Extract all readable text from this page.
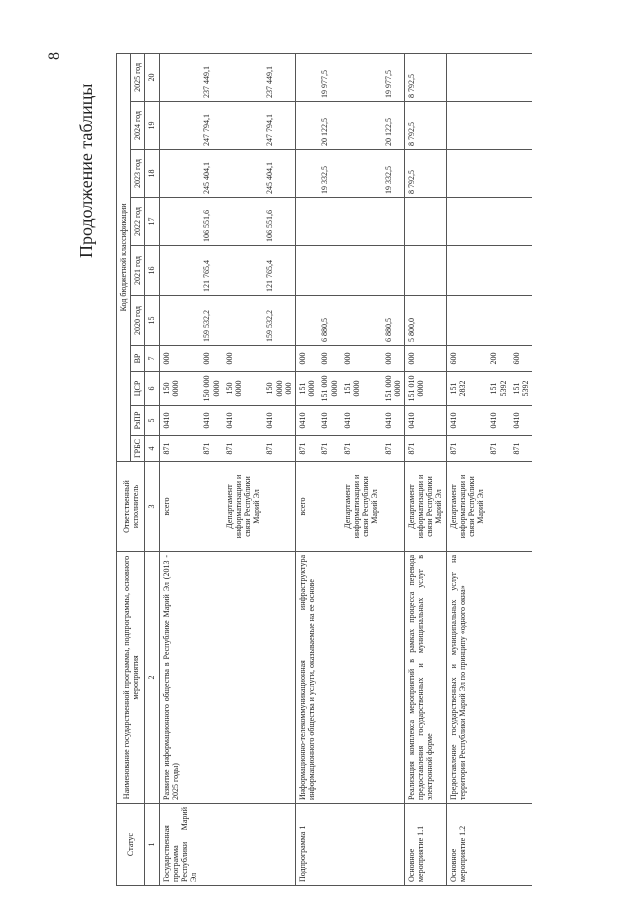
8
Продолжение таблицы
Статус	Наименование государственной программы, подпрограммы, основного мероприятия	Ответственный исполнитель	Код бюджетной классификации									
			ГРБС	РзПР	ЦСР	ВР	2020 год	2021 год	2022 год	2023 год	2024 год	2025 год
1	2	3	4	5	6	7	15	16	17	18	19	20
Государственная программа Республики Марий Эл	Развитие информационного общества в Республике Марий Эл (2013 - 2025 годы)	всего	871	0410	150 0000	000						
			871	0410	150 000 0000	000	159 532,2	121 765,4	106 551,6	245 404,1	247 794,1	237 449,1
		Департамент информатизации и связи Республики Марий Эл	871	0410	150 0000	000						
			871	0410	150 0000 000		159 532,2	121 765,4	106 551,6	245 404,1	247 794,1	237 449,1
Подпрограмма 1	Информационно-телекоммуникационная инфраструктура информационного общества и услуги, оказываемые на ее основе	всего	871	0410	151 0000	000						
			871	0410	151 000 0000	000	6 880,5			19 332,5	20 122,5	19 977,5
		Департамент информатизации и связи Республики Марий Эл	871	0410	151 0000	000						
			871	0410	151 000 0000	000	6 880,5			19 332,5	20 122,5	19 977,5
Основное мероприятие 1.1	Реализация комплекса мероприятий в рамках процесса перевода предоставления государственных и муниципальных услуг в электронной форме	Департамент информатизации и связи Республики Марий Эл	871	0410	151 010 0000	000	5 800,0			8 792,5	8 792,5	8 792,5
Основное мероприятие 1.2	Предоставление государственных и муниципальных услуг на территории Республики Марий Эл по принципу «одного окна»	Департамент информатизации и связи Республики Марий Эл	871	0410	151 2832	600						
			871	0410	151 5392	200						
			871	0410	151 5392	600						
